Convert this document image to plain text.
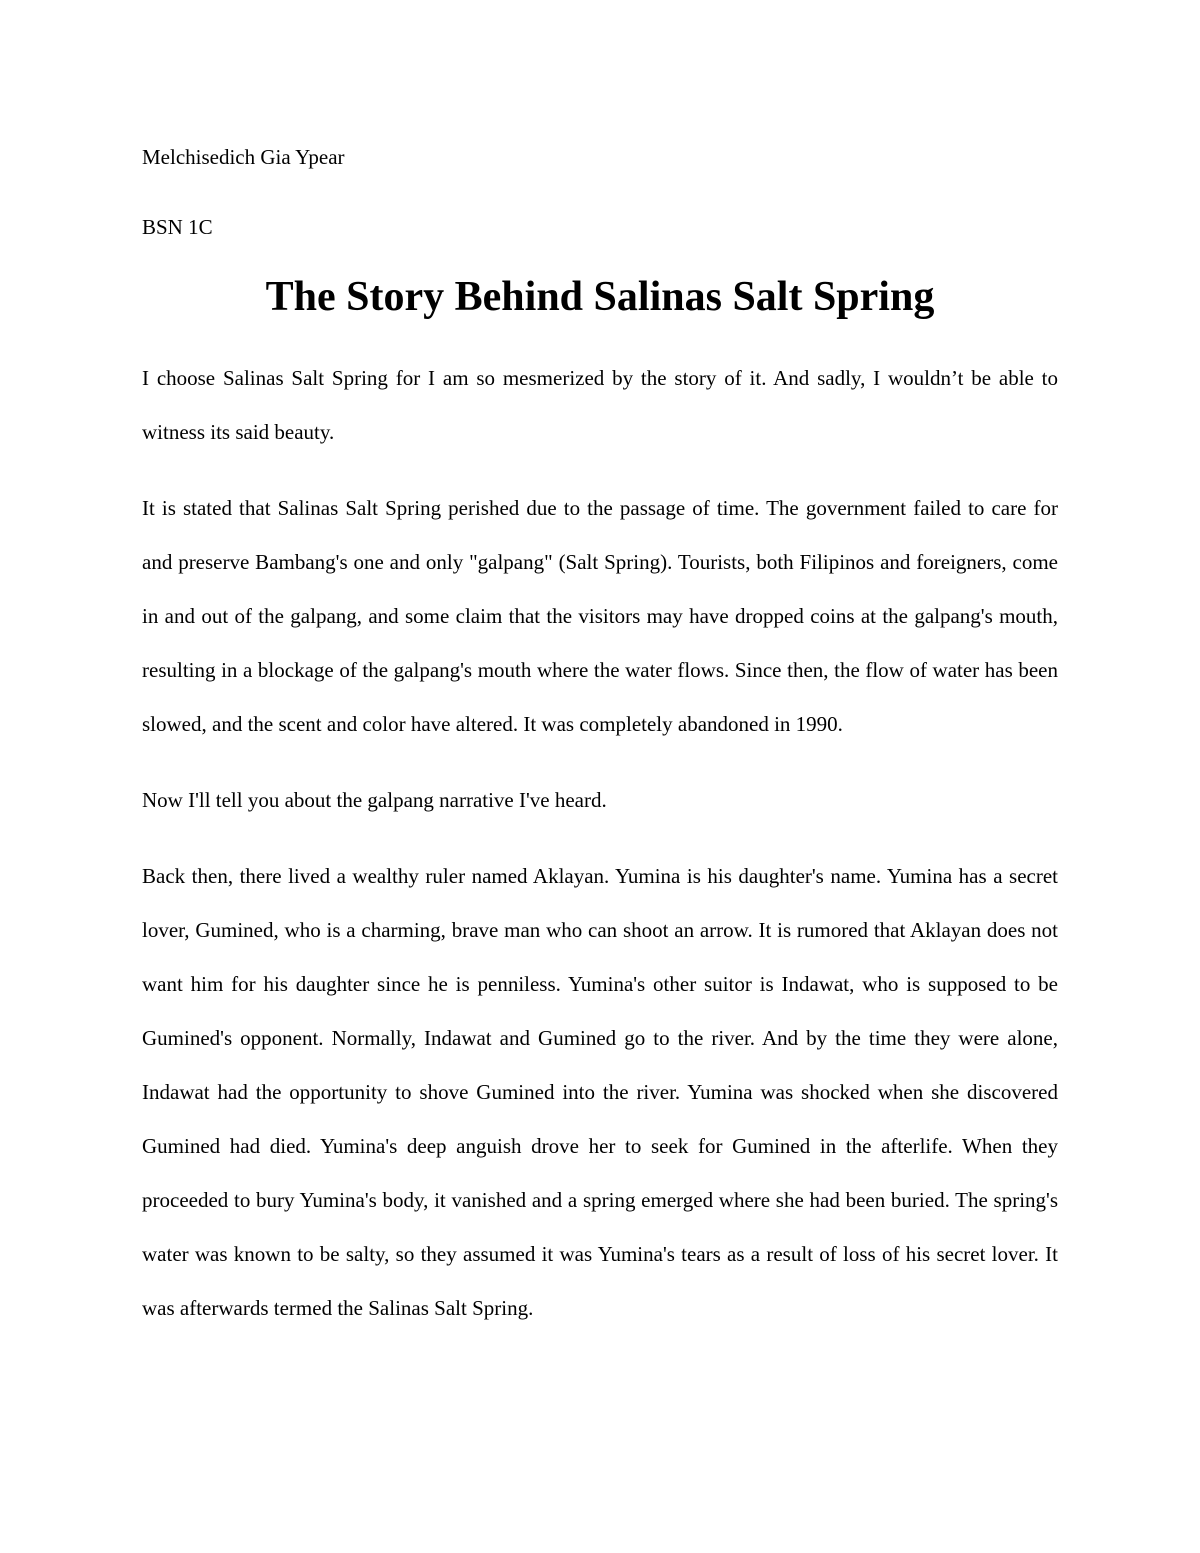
Melchisedich Gia Ypear

BSN 1C

The Story Behind Salinas Salt Spring

I choose Salinas Salt Spring for I am so mesmerized by the story of it. And sadly, I wouldn’t be able to witness its said beauty.

It is stated that Salinas Salt Spring perished due to the passage of time. The government failed to care for and preserve Bambang's one and only "galpang" (Salt Spring). Tourists, both Filipinos and foreigners, come in and out of the galpang, and some claim that the visitors may have dropped coins at the galpang's mouth, resulting in a blockage of the galpang's mouth where the water flows. Since then, the flow of water has been slowed, and the scent and color have altered. It was completely abandoned in 1990.

Now I'll tell you about the galpang narrative I've heard.

Back then, there lived a wealthy ruler named Aklayan. Yumina is his daughter's name. Yumina has a secret lover, Gumined, who is a charming, brave man who can shoot an arrow. It is rumored that Aklayan does not want him for his daughter since he is penniless. Yumina's other suitor is Indawat, who is supposed to be Gumined's opponent. Normally, Indawat and Gumined go to the river. And by the time they were alone, Indawat had the opportunity to shove Gumined into the river. Yumina was shocked when she discovered Gumined had died. Yumina's deep anguish drove her to seek for Gumined in the afterlife. When they proceeded to bury Yumina's body, it vanished and a spring emerged where she had been buried. The spring's water was known to be salty, so they assumed it was Yumina's tears as a result of loss of his secret lover. It was afterwards termed the Salinas Salt Spring.
